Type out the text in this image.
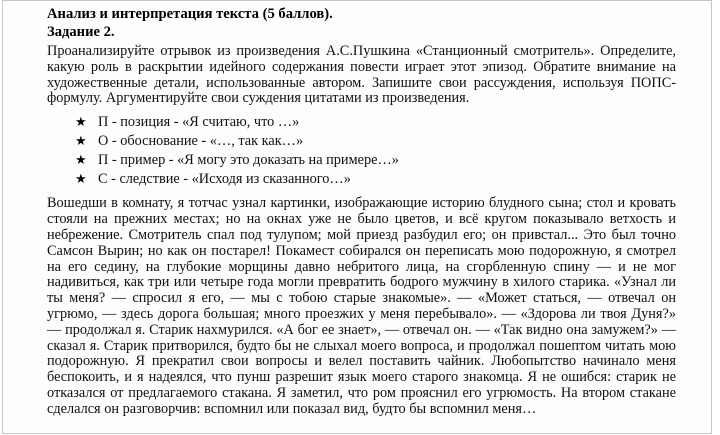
Анализ и интерпретация текста (5 баллов).

Задание 2.

Проанализируйте отрывок из произведения А.С.Пушкина «Станционный смотритель». Определите, какую роль в раскрытии идейного содержания повести играет этот эпизод. Обратите внимание на художественные детали, использованные автором. Запишите свои рассуждения, используя ПОПС-формулу. Аргументируйте свои суждения цитатами из произведения.

★ П - позиция - «Я считаю, что …»
★ О - обоснование - «…, так как…»
★ П - пример - «Я могу это доказать на примере…»
★ С - следствие - «Исходя из сказанного…»

Вошедши в комнату, я тотчас узнал картинки, изображающие историю блудного сына; стол и кровать стояли на прежних местах; но на окнах уже не было цветов, и всё кругом показывало ветхость и небрежение. Смотритель спал под тулупом; мой приезд разбудил его; он привстал... Это был точно Самсон Вырин; но как он постарел! Покамест собирался он переписать мою подорожную, я смотрел на его седину, на глубокие морщины давно небритого лица, на сгорбленную спину — и не мог надивиться, как три или четыре года могли превратить бодрого мужчину в хилого старика. «Узнал ли ты меня? — спросил я его, — мы с тобою старые знакомые». — «Может статься, — отвечал он угрюмо, — здесь дорога большая; много проезжих у меня перебывало». — «Здорова ли твоя Дуня?» — продолжал я. Старик нахмурился. «А бог ее знает», — отвечал он. — «Так видно она замужем?» — сказал я. Старик притворился, будто бы не слыхал моего вопроса, и продолжал пошептом читать мою подорожную. Я прекратил свои вопросы и велел поставить чайник. Любопытство начинало меня беспокоить, и я надеялся, что пунш разрешит язык моего старого знакомца. Я не ошибся: старик не отказался от предлагаемого стакана. Я заметил, что ром прояснил его угрюмость. На втором стакане сделался он разговорчив: вспомнил или показал вид, будто бы вспомнил меня…
